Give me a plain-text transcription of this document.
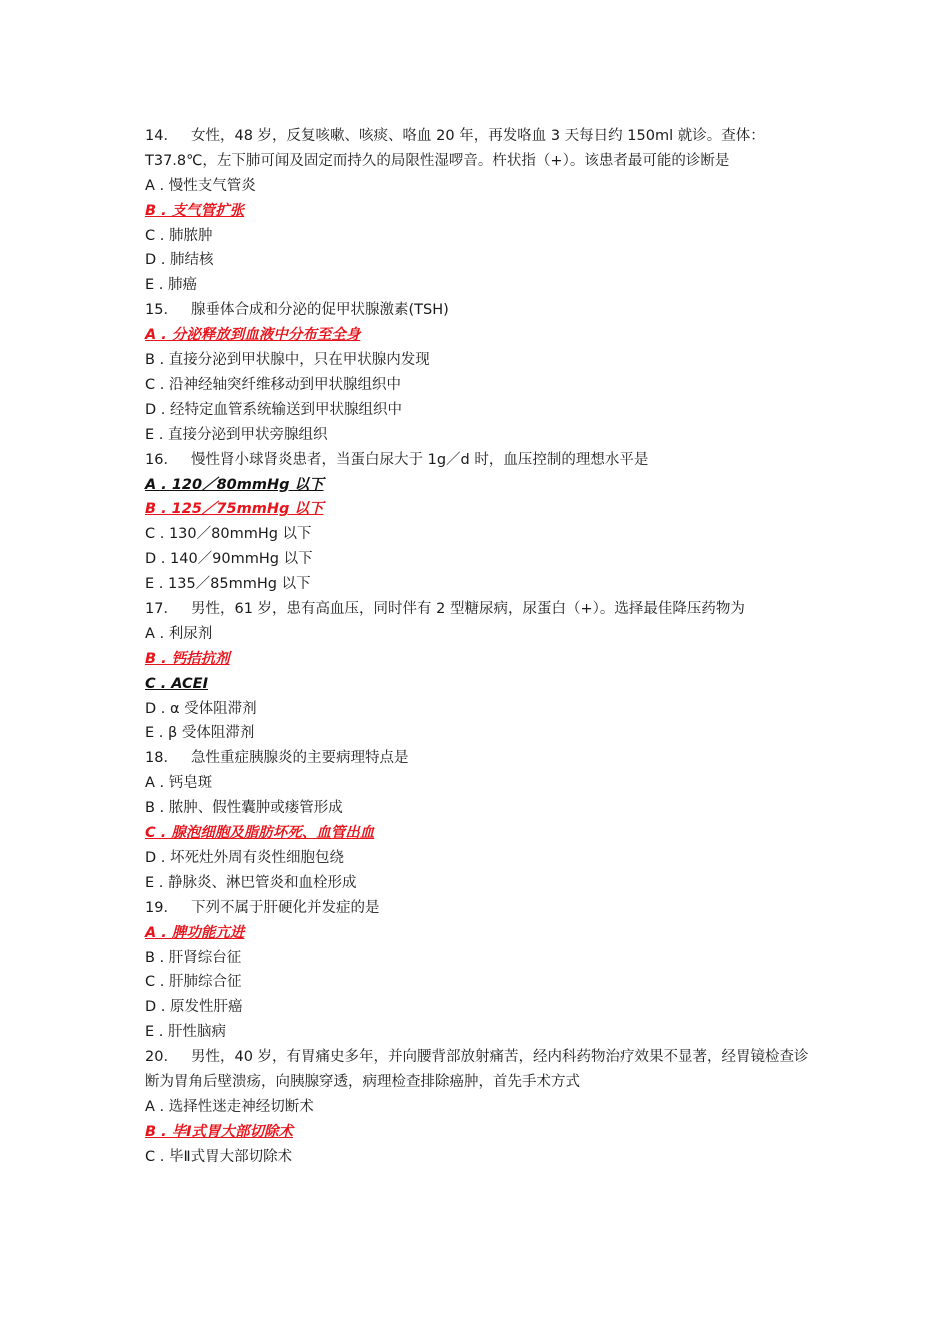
14． 女性，48 岁，反复咳嗽、咳痰、咯血 20 年，再发咯血 3 天每日约 150ml 就诊。查体：T37.8℃，左下肺可闻及固定而持久的局限性湿啰音。杵状指（+）。该患者最可能的诊断是

A . 慢性支气管炎

B . 支气管扩张

C . 肺脓肿

D . 肺结核

E . 肺癌

15． 腺垂体合成和分泌的促甲状腺激素(TSH)

A . 分泌释放到血液中分布至全身

B . 直接分泌到甲状腺中，只在甲状腺内发现

C . 沿神经轴突纤维移动到甲状腺组织中

D . 经特定血管系统输送到甲状腺组织中

E . 直接分泌到甲状旁腺组织

16． 慢性肾小球肾炎患者，当蛋白尿大于 1g／d 时，血压控制的理想水平是

A . 120／80mmHg 以下

B . 125／75mmHg 以下

C . 130／80mmHg 以下

D . 140／90mmHg 以下

E . 135／85mmHg 以下

17． 男性，61 岁，患有高血压，同时伴有 2 型糖尿病，尿蛋白（+）。选择最佳降压药物为

A . 利尿剂

B . 钙拮抗剂

C . ACEI

D . α 受体阻滞剂

E . β 受体阻滞剂

18． 急性重症胰腺炎的主要病理特点是

A . 钙皂斑

B . 脓肿、假性囊肿或瘘管形成

C . 腺泡细胞及脂肪坏死、血管出血

D . 坏死灶外周有炎性细胞包绕

E . 静脉炎、淋巴管炎和血栓形成

19． 下列不属于肝硬化并发症的是

A . 脾功能亢进

B . 肝肾综台征

C . 肝肺综合征

D . 原发性肝癌

E . 肝性脑病

20． 男性，40 岁，有胃痛史多年，并向腰背部放射痛苦，经内科药物治疗效果不显著，经胃镜检查诊断为胃角后壁溃疡，向胰腺穿透，病理检查排除癌肿，首先手术方式

A . 选择性迷走神经切断术

B . 毕Ⅰ式胃大部切除术

C . 毕Ⅱ式胃大部切除术
